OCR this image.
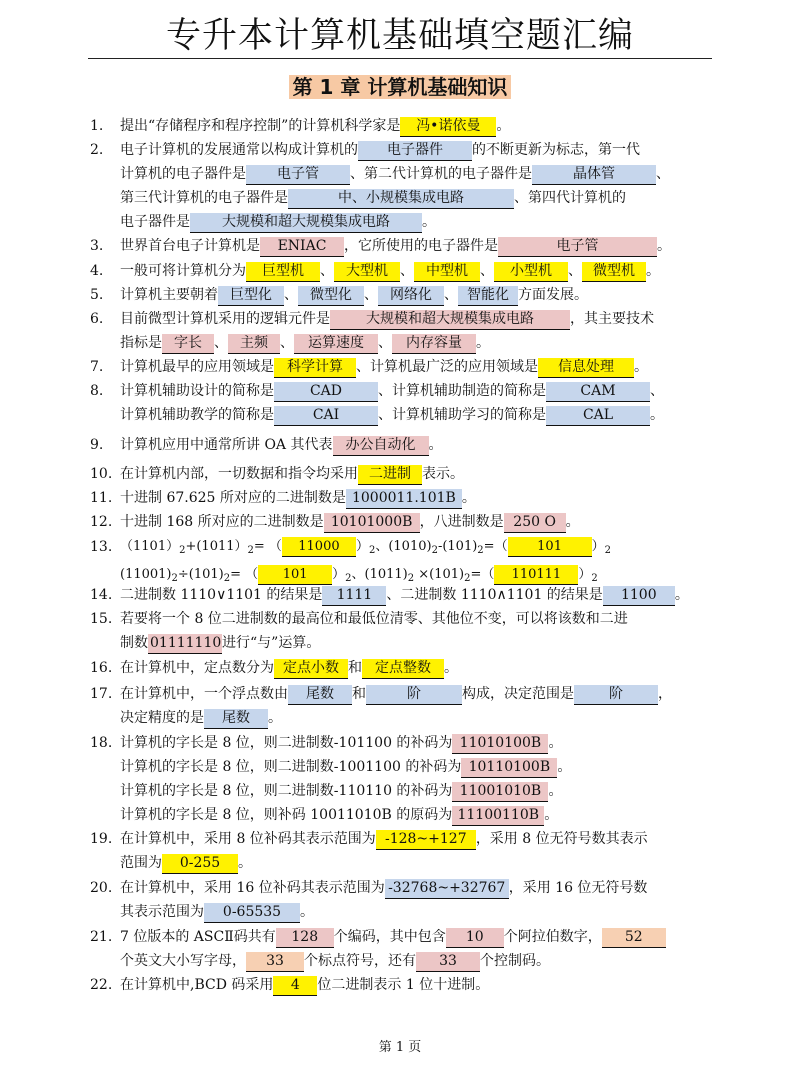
专升本计算机基础填空题汇编
第 1 章 计算机基础知识
1.	提出“存储程序和程序控制”的计算机科学家是 冯•诺依曼 。
2.	电子计算机的发展通常以构成计算机的 电子器件 的不断更新为标志，第一代
计算机的电子器件是 电子管 、第二代计算机的电子器件是	晶体管	、
第三代计算机的电子器件是	中、小规模集成电路	、第四代计算机的
电子器件是 大规模和超大规模集成电路 。
3.	世界首台电子计算机是 ENIAC ，它所使用的电子器件是	电子管	。
4.	一般可将计算机分为 巨型机 、 大型机 、 中型机 、 小型机 、 微型机 。
5.	计算机主要朝着 巨型化 、 微型化 、 网络化 、 智能化 方面发展。
6.	目前微型计算机采用的逻辑元件是	大规模和超大规模集成电路	，其主要技术
指标是 字长 、 主频 、 运算速度 、 内存容量 。
7.	计算机最早的应用领域是 科学计算 、计算机最广泛的应用领域是 信息处理 。
8.	计算机辅助设计的简称是	CAD	、计算机辅助制造的简称是 CAM 、
计算机辅助教学的简称是	CAI	、计算机辅助学习的简称是	CAL	。
9.	计算机应用中通常所讲 OA 其代表 办公自动化 。
10. 在计算机内部，一切数据和指令均采用 二进制 表示。
11. 十进制 67.625 所对应的二进制数是 1000011.101B 。
12. 十进制 168 所对应的二进制数是 10101000B ，八进制数是 250 O 。
13. $(1101)_2+(1011)_2=$ （ 11000 ）$_2$、$(1010)_2-(101)_2=$（ 101 ）$_2$
$(11001)_2\div(101)_2=$ （ 101 ）$_2$、$(1011)_2 \times(101)_2=$（ 110111 ）$_2$
14. 二进制数 1110∨1101 的结果是 1111 、二进制数 1110∧1101 的结果是 1100 。
15. 若要将一个 8 位二进制数的最高位和最低位清零、其他位不变，可以将该数和二进
制数 01111110进行“与”运算。
16. 在计算机中，定点数分为 定点小数 和 定点整数 。
17. 在计算机中，一个浮点数由 尾数 和	阶	构成，决定范围是	阶	，
决定精度的是 尾数 。
18. 计算机的字长是 8 位，则二进制数-101100 的补码为 11010100B 。
计算机的字长是 8 位，则二进制数-1001100 的补码为 10110100B 。
计算机的字长是 8 位，则二进制数-110110 的补码为 11001010B 。
计算机的字长是 8 位，则补码 10011010B 的原码为 11100110B 。
19. 在计算机中，采用 8 位补码其表示范围为 -128~+127 ，采用 8 位无符号数其表示
范围为 0-255 。
20. 在计算机中，采用 16 位补码其表示范围为 -32768~+32767 ，采用 16 位无符号数
其表示范围为 0-65535 。
21. 7 位版本的 ASCⅡ码共有 128 个编码，其中包含 10 个阿拉伯数字， 52
个英文大小写字母， 33 个标点符号，还有 33 个控制码。
22. 在计算机中,BCD 码采用 4 位二进制表示 1 位十进制。
第 1 页
